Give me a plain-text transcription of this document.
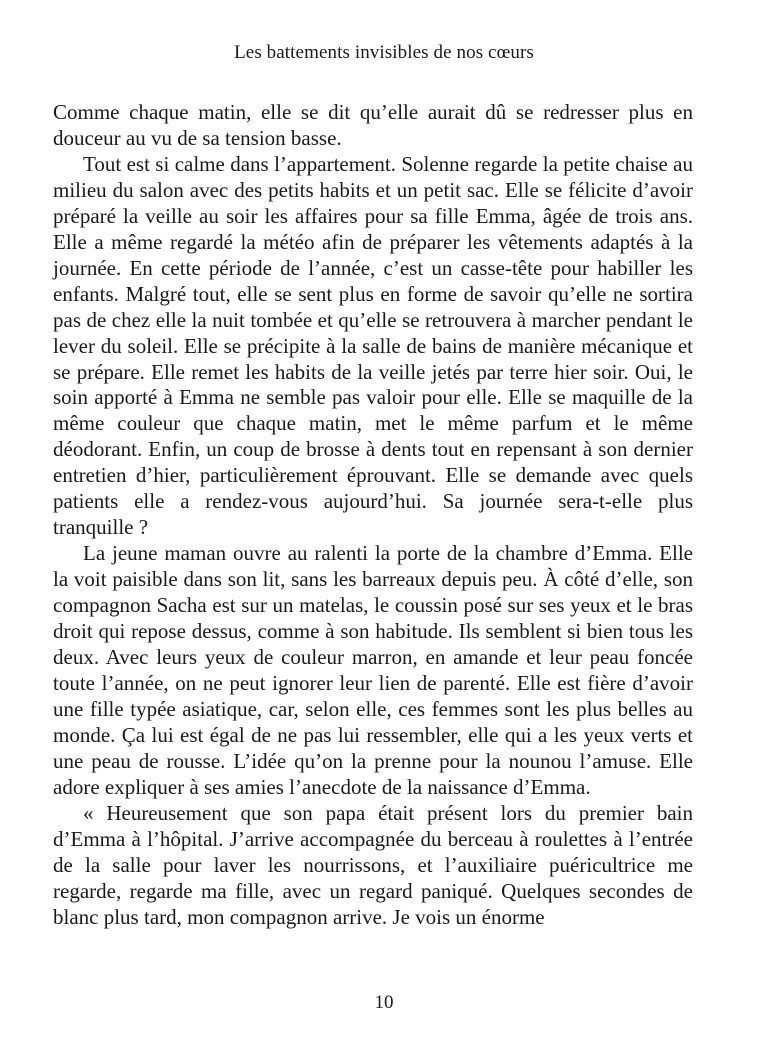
Les battements invisibles de nos cœurs

Comme chaque matin, elle se dit qu’elle aurait dû se redresser plus en douceur au vu de sa tension basse.

Tout est si calme dans l’appartement. Solenne regarde la petite chaise au milieu du salon avec des petits habits et un petit sac. Elle se félicite d’avoir préparé la veille au soir les affaires pour sa fille Emma, âgée de trois ans. Elle a même regardé la météo afin de préparer les vêtements adaptés à la journée. En cette période de l’année, c’est un casse-tête pour habiller les enfants. Malgré tout, elle se sent plus en forme de savoir qu’elle ne sortira pas de chez elle la nuit tombée et qu’elle se retrouvera à marcher pendant le lever du soleil. Elle se précipite à la salle de bains de manière mécanique et se prépare. Elle remet les habits de la veille jetés par terre hier soir. Oui, le soin apporté à Emma ne semble pas valoir pour elle. Elle se maquille de la même couleur que chaque matin, met le même parfum et le même déodorant. Enfin, un coup de brosse à dents tout en repensant à son dernier entretien d’hier, particulièrement éprouvant. Elle se demande avec quels patients elle a rendez-vous aujourd’hui. Sa journée sera-t-elle plus tranquille ?

La jeune maman ouvre au ralenti la porte de la chambre d’Emma. Elle la voit paisible dans son lit, sans les barreaux depuis peu. À côté d’elle, son compagnon Sacha est sur un matelas, le coussin posé sur ses yeux et le bras droit qui repose dessus, comme à son habitude. Ils semblent si bien tous les deux. Avec leurs yeux de couleur marron, en amande et leur peau foncée toute l’année, on ne peut ignorer leur lien de parenté. Elle est fière d’avoir une fille typée asiatique, car, selon elle, ces femmes sont les plus belles au monde. Ça lui est égal de ne pas lui ressembler, elle qui a les yeux verts et une peau de rousse. L’idée qu’on la prenne pour la nounou l’amuse. Elle adore expliquer à ses amies l’anecdote de la naissance d’Emma.

« Heureusement que son papa était présent lors du premier bain d’Emma à l’hôpital. J’arrive accompagnée du berceau à roulettes à l’entrée de la salle pour laver les nourrissons, et l’auxiliaire puéricultrice me regarde, regarde ma fille, avec un regard paniqué. Quelques secondes de blanc plus tard, mon compagnon arrive. Je vois un énorme

10
